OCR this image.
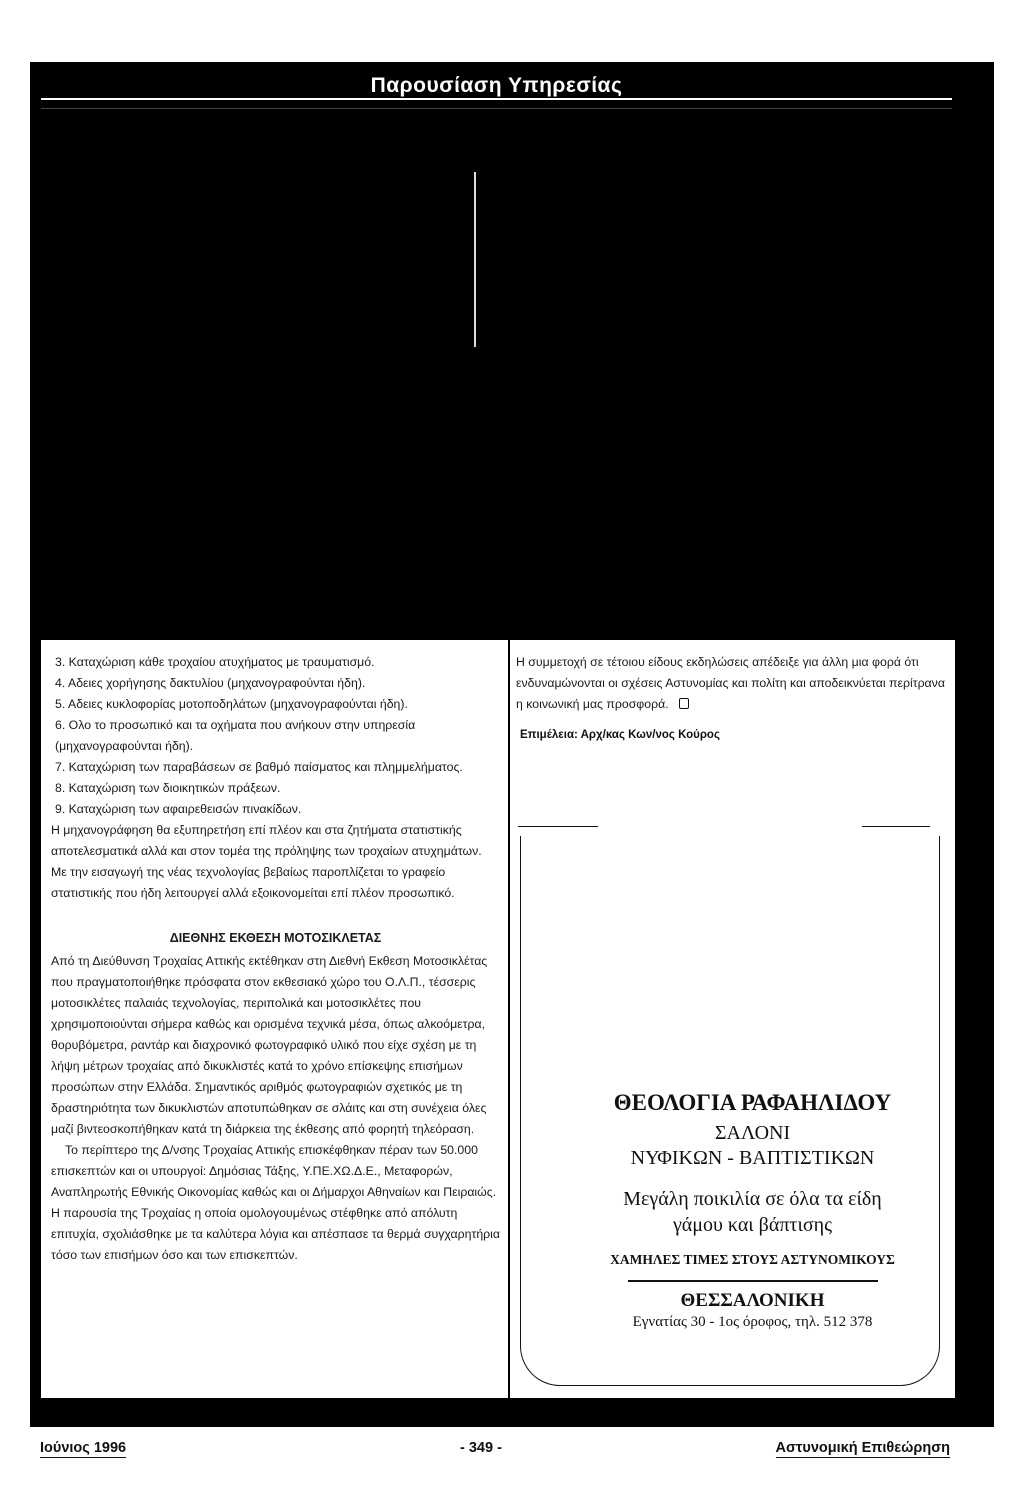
Παρουσίαση Υπηρεσίας

3. Καταχώριση κάθε τροχαίου ατυχήματος με τραυματισμό.

4. Αδειες χορήγησης δακτυλίου (μηχανογραφούνται ήδη).

5. Αδειες κυκλοφορίας μοτοποδηλάτων (μηχανογραφούνται ήδη).

6. Ολο το προσωπικό και τα οχήματα που ανήκουν στην υπηρεσία (μηχανογραφούνται ήδη).

7. Καταχώριση των παραβάσεων σε βαθμό παίσματος και πλημμελήματος.

8. Καταχώριση των διοικητικών πράξεων.

9. Καταχώριση των αφαιρεθεισών πινακίδων.

Η μηχανογράφηση θα εξυπηρετήση επί πλέον και στα ζητήματα στατιστικής αποτελεσματικά αλλά και στον τομέα της πρόληψης των τροχαίων ατυχημάτων. Με την εισαγωγή της νέας τεχνολογίας βεβαίως παροπλίζεται το γραφείο στατιστικής που ήδη λειτουργεί αλλά εξοικονομείται επί πλέον προσωπικό.

ΔΙΕΘΝΗΣ ΕΚΘΕΣΗ ΜΟΤΟΣΙΚΛΕΤΑΣ

Από τη Διεύθυνση Τροχαίας Αττικής εκτέθηκαν στη Διεθνή Εκθεση Μοτοσικλέτας που πραγματοποιήθηκε πρόσφατα στον εκθεσιακό χώρο του Ο.Λ.Π., τέσσερις μοτοσικλέτες παλαιάς τεχνολογίας, περιπολικά και μοτοσικλέτες που χρησιμοποιούνται σήμερα καθώς και ορισμένα τεχνικά μέσα, όπως αλκοόμετρα, θορυβόμετρα, ραντάρ και διαχρονικό φωτογραφικό υλικό που είχε σχέση με τη λήψη μέτρων τροχαίας από δικυκλιστές κατά το χρόνο επίσκεψης επισήμων προσώπων στην Ελλάδα. Σημαντικός αριθμός φωτογραφιών σχετικός με τη δραστηριότητα των δικυκλιστών αποτυπώθηκαν σε σλάιτς και στη συνέχεια όλες μαζί βιντεοσκοπήθηκαν κατά τη διάρκεια της έκθεσης από φορητή τηλεόραση.

Το περίπτερο της Δ/νσης Τροχαίας Αττικής επισκέφθηκαν πέραν των 50.000 επισκεπτών και οι υπουργοί: Δημόσιας Τάξης, Υ.ΠΕ.ΧΩ.Δ.Ε., Μεταφορών, Αναπληρωτής Εθνικής Οικονομίας καθώς και οι Δήμαρχοι Αθηναίων και Πειραιώς. Η παρουσία της Τροχαίας η οποία ομολογουμένως στέφθηκε από απόλυτη επιτυχία, σχολιάσθηκε με τα καλύτερα λόγια και απέσπασε τα θερμά συγχαρητήρια τόσο των επισήμων όσο και των επισκεπτών.

Η συμμετοχή σε τέτοιου είδους εκδηλώσεις απέδειξε για άλλη μια φορά ότι ενδυναμώνονται οι σχέσεις Αστυνομίας και πολίτη και αποδεικνύεται περίτρανα η κοινωνική μας προσφορά.
Επιμέλεια: Αρχ/κας Κων/νος Κούρος
ΘΕΟΛΟΓΙΑ ΡΑΦΑΗΛΙΔΟΥ
ΣΑΛΟΝΙ
ΝΥΦΙΚΩΝ - ΒΑΠΤΙΣΤΙΚΩΝ
Μεγάλη ποικιλία σε όλα τα είδη
γάμου και βάπτισης
ΧΑΜΗΛΕΣ ΤΙΜΕΣ ΣΤΟΥΣ ΑΣΤΥΝΟΜΙΚΟΥΣ
ΘΕΣΣΑΛΟΝΙΚΗ
Εγνατίας 30 - 1ος όροφος, τηλ. 512 378
Ιούνιος 1996	- 349 -	Αστυνομική Επιθεώρηση
